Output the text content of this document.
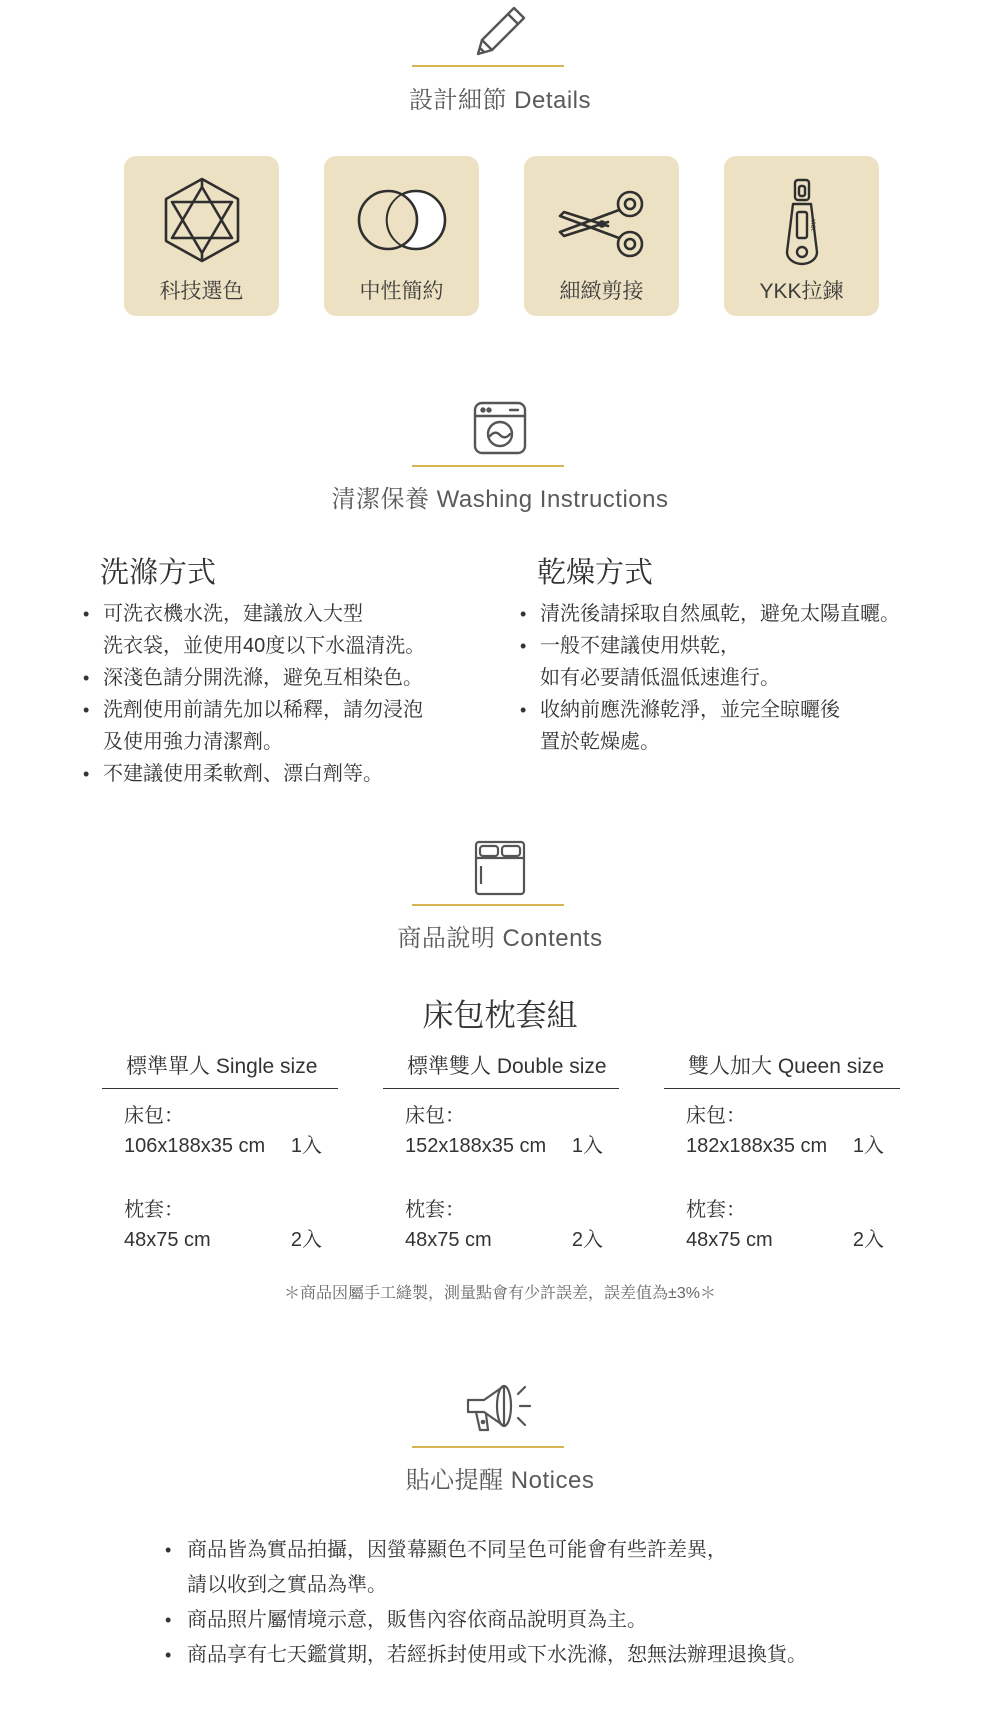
設計細節 Details
科技選色	中性簡約	細緻剪接
YKK
YKK拉鍊
清潔保養 Washing Instructions
洗滌方式
• 可洗衣機水洗，建議放入大型
洗衣袋，並使用40度以下水溫清洗。
• 深淺色請分開洗滌，避免互相染色。
• 洗劑使用前請先加以稀釋，請勿浸泡
及使用強力清潔劑。
• 不建議使用柔軟劑、漂白劑等。
乾燥方式
• 清洗後請採取自然風乾，避免太陽直曬。
• 一般不建議使用烘乾，
如有必要請低溫低速進行。
• 收納前應洗滌乾淨，並完全晾曬後
置於乾燥處。
商品說明 Contents
床包枕套組
標準單人 Single size
床包：
106x188x35 cm 1入
枕套：
48x75 cm	2入
標準雙人 Double size
床包：
152x188x35 cm 1入
枕套：
48x75 cm	2入
雙人加大 Queen size
床包：
182x188x35 cm 1入
枕套：
48x75 cm	2入
＊商品因屬手工縫製，測量點會有少許誤差，誤差值為±3%＊
貼心提醒 Notices
• 商品皆為實品拍攝，因螢幕顯色不同呈色可能會有些許差異，
請以收到之實品為準。
• 商品照片屬情境示意，販售內容依商品說明頁為主。
• 商品享有七天鑑賞期，若經拆封使用或下水洗滌，恕無法辦理退換貨。
